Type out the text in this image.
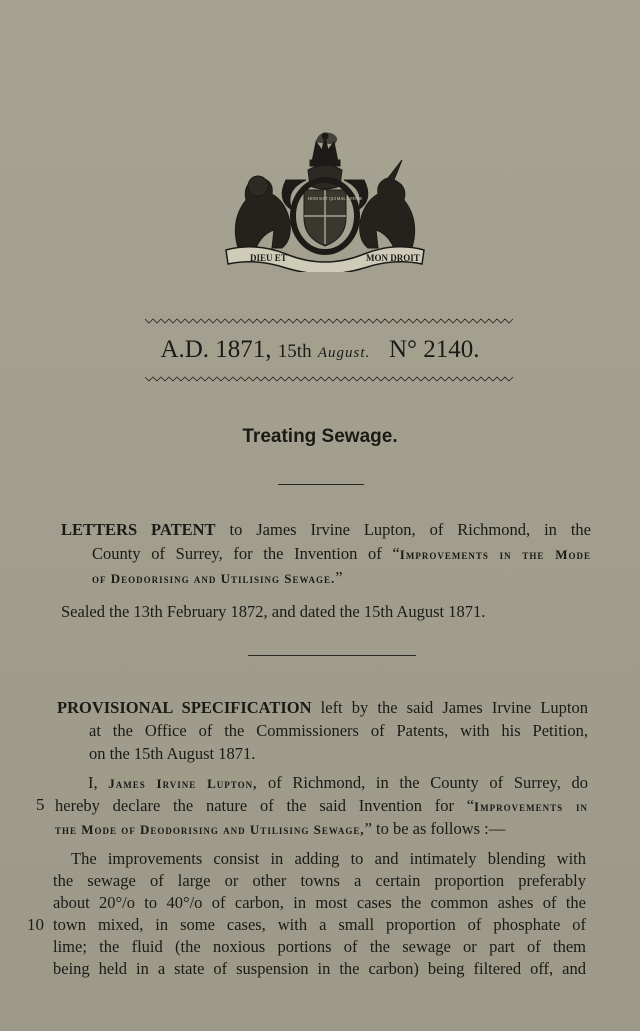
DIEU ET	MON DROIT
HONI SOIT QUI MAL Y PENSE
A.D. 1871, 15th August. N° 2140.
Treating Sewage.
LETTERS PATENT to James Irvine Lupton, of Richmond, in the
County of Surrey, for the Invention of “Improvements in the Mode
of Deodorising and Utilising Sewage.”
Sealed the 13th February 1872, and dated the 15th August 1871.
PROVISIONAL SPECIFICATION left by the said James Irvine Lupton
at the Office of the Commissioners of Patents, with his Petition,
on the 15th August 1871.
I, James Irvine Lupton, of Richmond, in the County of Surrey, do
hereby declare the nature of the said Invention for “Improvements in
the Mode of Deodorising and Utilising Sewage,” to be as follows :—
5
The improvements consist in adding to and intimately blending with
the sewage of large or other towns a certain proportion preferably
about 20°/o to 40°/o of carbon, in most cases the common ashes of the
town mixed, in some cases, with a small proportion of phosphate of
lime; the fluid (the noxious portions of the sewage or part of them
being held in a state of suspension in the carbon) being filtered off, and
10
